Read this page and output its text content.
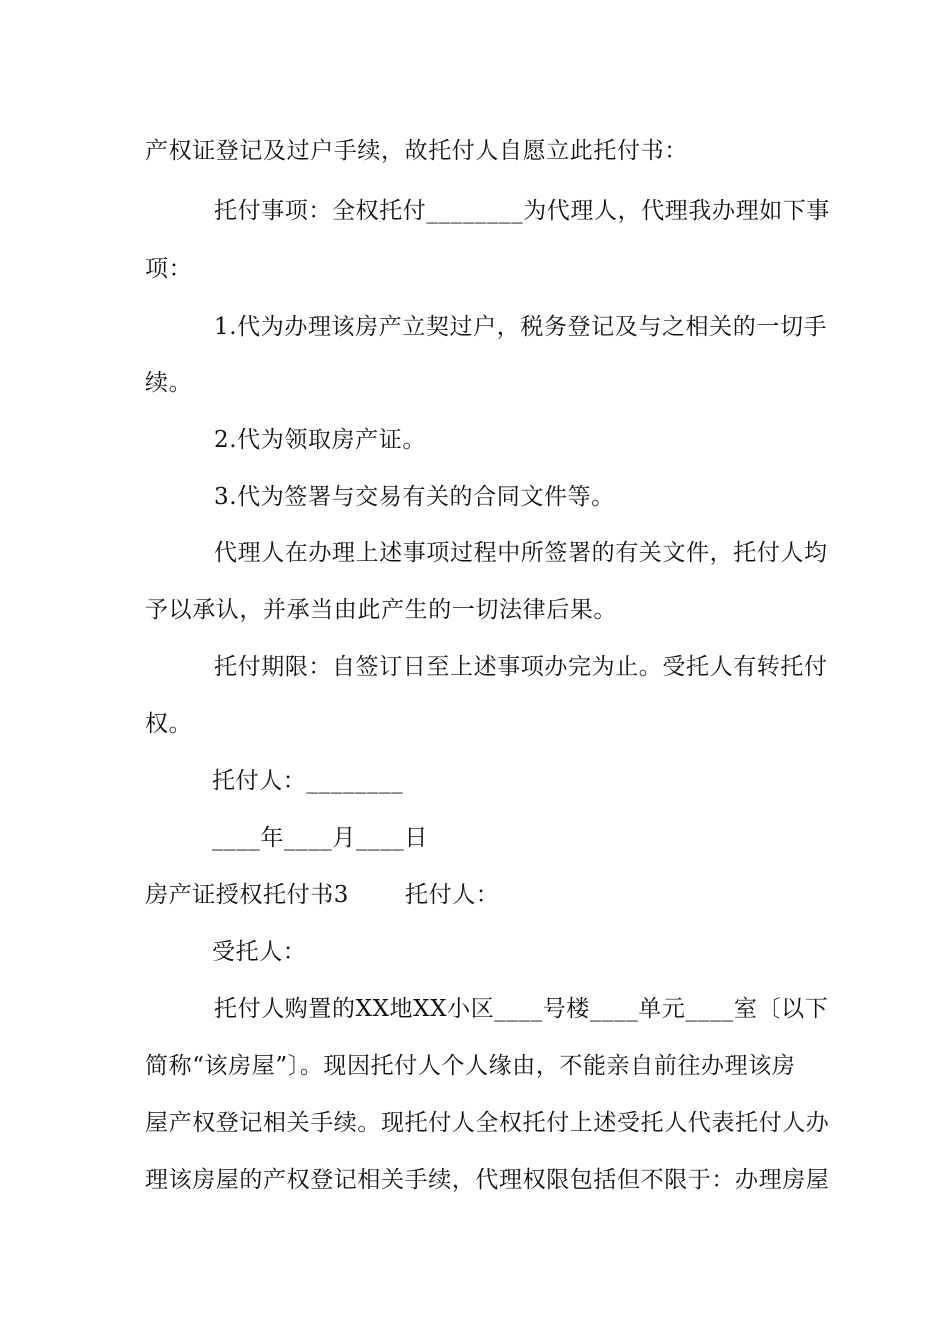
产权证登记及过户手续，故托付人自愿立此托付书：
托付事项：全权托付________为代理人，代理我办理如下事
项：
1.代为办理该房产立契过户，税务登记及与之相关的一切手
续。
2.代为领取房产证。
3.代为签署与交易有关的合同文件等。
代理人在办理上述事项过程中所签署的有关文件，托付人均
予以承认，并承当由此产生的一切法律后果。
托付期限：自签订日至上述事项办完为止。受托人有转托付
权。
托付人：________
____年____月____日
房产证授权托付书3 托付人：
受托人：
托付人购置的XX地XX小区____号楼____单元____室〔以下
简称“该房屋”〕。现因托付人个人缘由，不能亲自前往办理该房
屋产权登记相关手续。现托付人全权托付上述受托人代表托付人办
理该房屋的产权登记相关手续，代理权限包括但不限于：办理房屋
